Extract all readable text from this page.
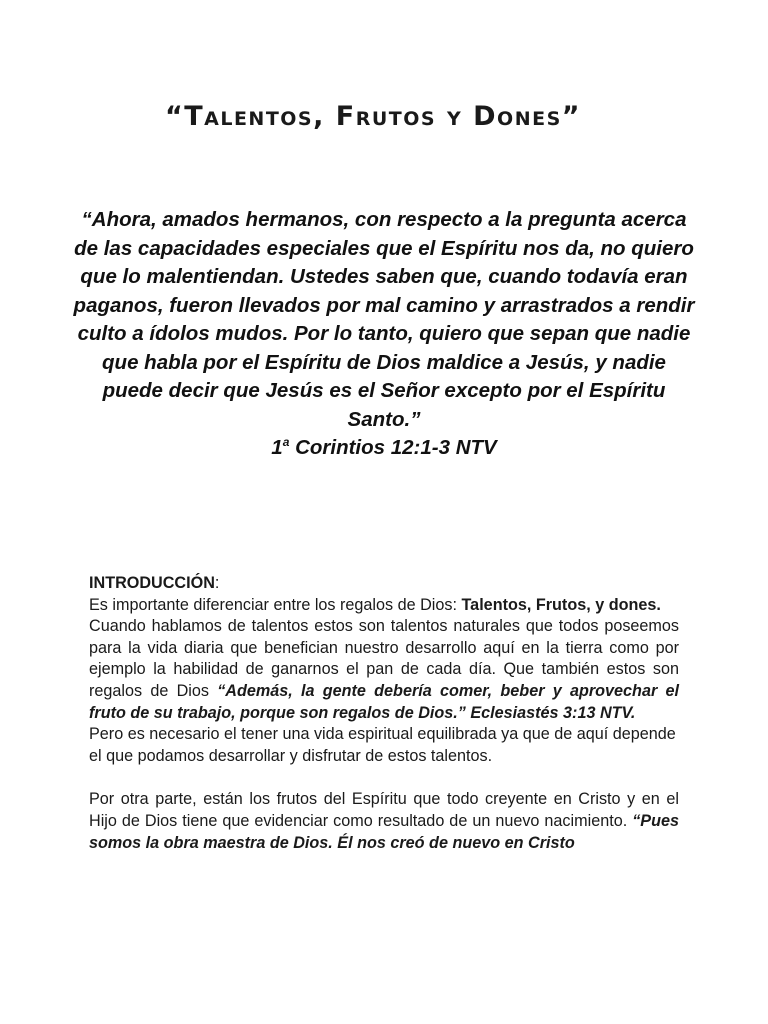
“Talentos, Frutos y Dones”
“Ahora, amados hermanos, con respecto a la pregunta acerca de las capacidades especiales que el Espíritu nos da, no quiero que lo malentiendan. Ustedes saben que, cuando todavía eran paganos, fueron llevados por mal camino y arrastrados a rendir culto a ídolos mudos. Por lo tanto, quiero que sepan que nadie que habla por el Espíritu de Dios maldice a Jesús, y nadie puede decir que Jesús es el Señor excepto por el Espíritu Santo.”
1$^a$ Corintios 12:1-3 NTV

INTRODUCCIÓN:

Es importante diferenciar entre los regalos de Dios: Talentos, Frutos, y dones.

Cuando hablamos de talentos estos son talentos naturales que todos poseemos para la vida diaria que benefician nuestro desarrollo aquí en la tierra como por ejemplo la habilidad de ganarnos el pan de cada día. Que también estos son regalos de Dios “Además, la gente debería comer, beber y aprovechar el fruto de su trabajo, porque son regalos de Dios.” Eclesiastés 3:13 NTV.

Pero es necesario el tener una vida espiritual equilibrada ya que de aquí depende el que podamos desarrollar y disfrutar de estos talentos.

Por otra parte, están los frutos del Espíritu que todo creyente en Cristo y en el Hijo de Dios tiene que evidenciar como resultado de un nuevo nacimiento. “Pues somos la obra maestra de Dios. Él nos creó de nuevo en Cristo
